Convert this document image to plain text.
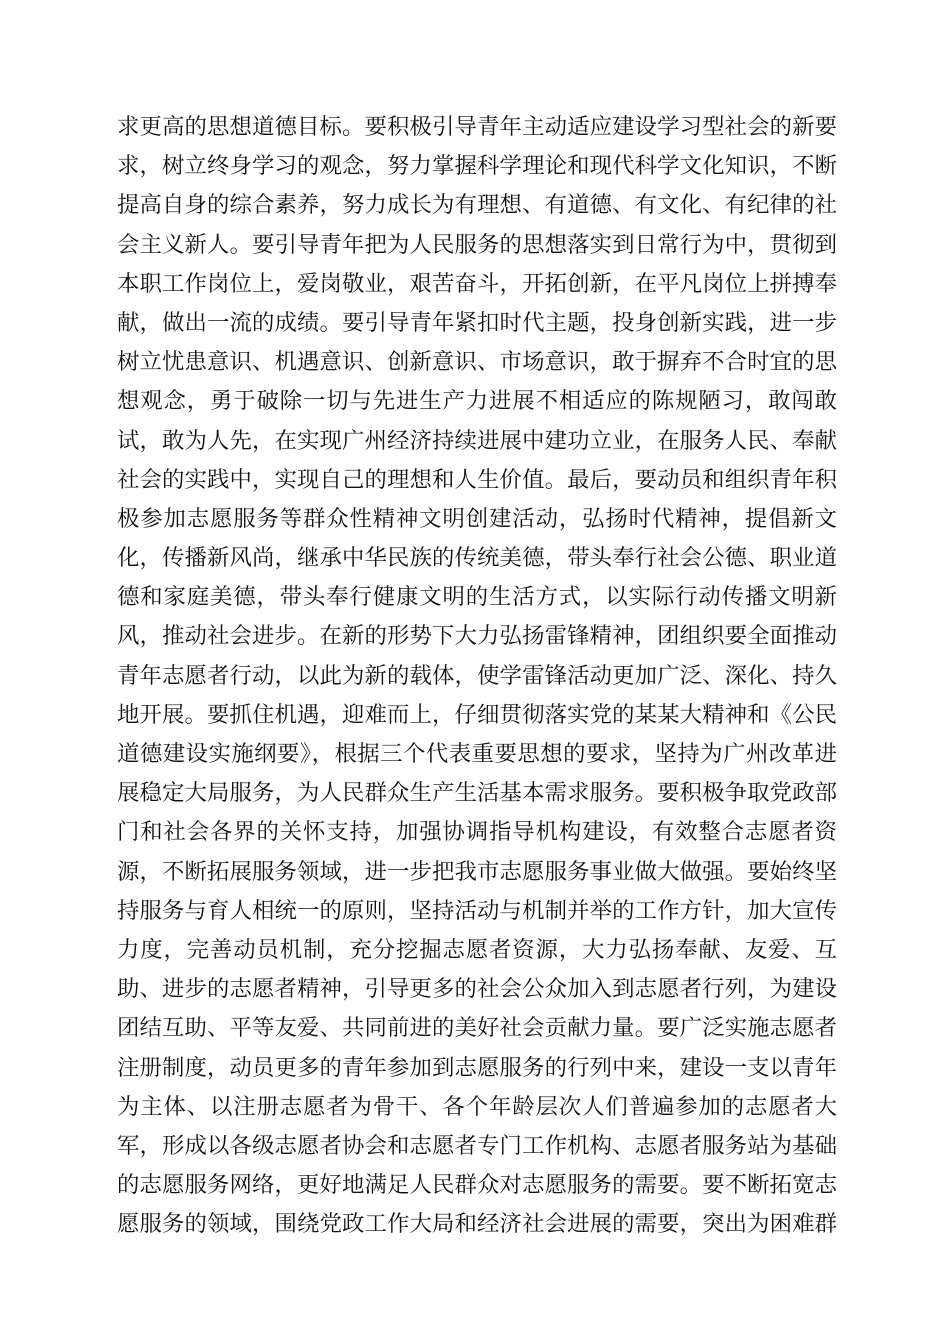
求更高的思想道德目标。要积极引导青年主动适应建设学习型社会的新要
求，树立终身学习的观念，努力掌握科学理论和现代科学文化知识，不断
提高自身的综合素养，努力成长为有理想、有道德、有文化、有纪律的社
会主义新人。要引导青年把为人民服务的思想落实到日常行为中，贯彻到
本职工作岗位上，爱岗敬业，艰苦奋斗，开拓创新，在平凡岗位上拼搏奉
献，做出一流的成绩。要引导青年紧扣时代主题，投身创新实践，进一步
树立忧患意识、机遇意识、创新意识、市场意识，敢于摒弃不合时宜的思
想观念，勇于破除一切与先进生产力进展不相适应的陈规陋习，敢闯敢
试，敢为人先，在实现广州经济持续进展中建功立业，在服务人民、奉献
社会的实践中，实现自己的理想和人生价值。最后，要动员和组织青年积
极参加志愿服务等群众性精神文明创建活动，弘扬时代精神，提倡新文
化，传播新风尚，继承中华民族的传统美德，带头奉行社会公德、职业道
德和家庭美德，带头奉行健康文明的生活方式，以实际行动传播文明新
风，推动社会进步。在新的形势下大力弘扬雷锋精神，团组织要全面推动
青年志愿者行动，以此为新的载体，使学雷锋活动更加广泛、深化、持久
地开展。要抓住机遇，迎难而上，仔细贯彻落实党的某某大精神和《公民
道德建设实施纲要》，根据三个代表重要思想的要求，坚持为广州改革进
展稳定大局服务，为人民群众生产生活基本需求服务。要积极争取党政部
门和社会各界的关怀支持，加强协调指导机构建设，有效整合志愿者资
源，不断拓展服务领域，进一步把我市志愿服务事业做大做强。要始终坚
持服务与育人相统一的原则，坚持活动与机制并举的工作方针，加大宣传
力度，完善动员机制，充分挖掘志愿者资源，大力弘扬奉献、友爱、互
助、进步的志愿者精神，引导更多的社会公众加入到志愿者行列，为建设
团结互助、平等友爱、共同前进的美好社会贡献力量。要广泛实施志愿者
注册制度，动员更多的青年参加到志愿服务的行列中来，建设一支以青年
为主体、以注册志愿者为骨干、各个年龄层次人们普遍参加的志愿者大
军，形成以各级志愿者协会和志愿者专门工作机构、志愿者服务站为基础
的志愿服务网络，更好地满足人民群众对志愿服务的需要。要不断拓宽志
愿服务的领域，围绕党政工作大局和经济社会进展的需要，突出为困难群
